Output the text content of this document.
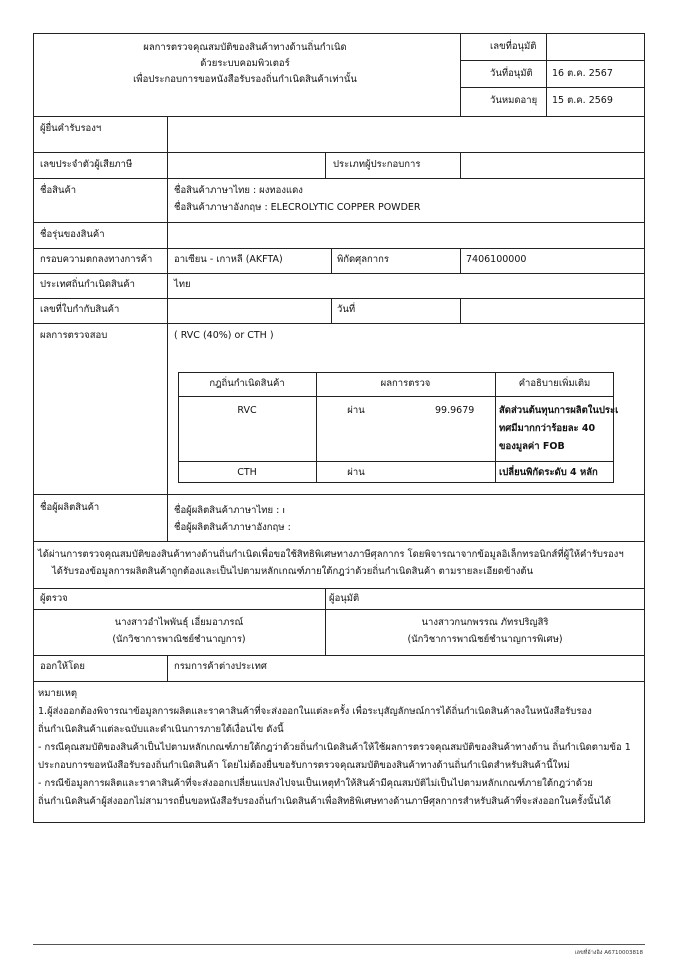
ผลการตรวจคุณสมบัติของสินค้าทางด้านถิ่นกำเนิด
ด้วยระบบคอมพิวเตอร์
เพื่อประกอบการขอหนังสือรับรองถิ่นกำเนิดสินค้าเท่านั้น
เลขที่อนุมัติ
วันที่อนุมัติ 16 ต.ค. 2567
วันหมดอายุ 15 ต.ค. 2569
ผู้ยื่นคำรับรองฯ
เลขประจำตัวผู้เสียภาษี	ประเภทผู้ประกอบการ
ชื่อสินค้า	ชื่อสินค้าภาษาไทย : ผงทองแดง
ชื่อสินค้าภาษาอังกฤษ : ELECROLYTIC COPPER POWDER
ชื่อรุ่นของสินค้า
กรอบความตกลงทางการค้า อาเซียน - เกาหลี (AKFTA)	พิกัดศุลกากร	7406100000
ประเทศถิ่นกำเนิดสินค้า	ไทย
เลขที่ใบกำกับสินค้า	วันที่
ผลการตรวจสอบ	( RVC (40%) or CTH )
กฎถิ่นกำเนิดสินค้า	ผลการตรวจ	คำอธิบายเพิ่มเติม
RVC	ผ่าน	99.9679	สัดส่วนต้นทุนการผลิตในประเ
ทศมีมากกว่าร้อยละ 40
ของมูลค่า FOB
CTH	ผ่าน	เปลี่ยนพิกัดระดับ 4 หลัก
ชื่อผู้ผลิตสินค้า	ชื่อผู้ผลิตสินค้าภาษาไทย : ו
ชื่อผู้ผลิตสินค้าภาษาอังกฤษ :
ได้ผ่านการตรวจคุณสมบัติของสินค้าทางด้านถิ่นกำเนิดเพื่อขอใช้สิทธิพิเศษทางภาษีศุลกากร โดยพิจารณาจากข้อมูลอิเล็กทรอนิกส์ที่ผู้ให้คำรับรองฯ
ได้รับรองข้อมูลการผลิตสินค้าถูกต้องและเป็นไปตามหลักเกณฑ์ภายใต้กฎว่าด้วยถิ่นกำเนิดสินค้า ตามรายละเอียดข้างต้น
ผู้ตรวจ	ผู้อนุมัติ
นางสาวอำไพพันธุ์ เอี่ยมอาภรณ์
(นักวิชาการพาณิชย์ชำนาญการ)
นางสาวกนกพรรณ ภัทรปริญสิริ
(นักวิชาการพาณิชย์ชำนาญการพิเศษ)
ออกให้โดย	กรมการค้าต่างประเทศ
หมายเหตุ
1.ผู้ส่งออกต้องพิจารณาข้อมูลการผลิตและราคาสินค้าที่จะส่งออกในแต่ละครั้ง เพื่อระบุสัญลักษณ์การได้ถิ่นกำเนิดสินค้าลงในหนังสือรับรอง
ถิ่นกำเนิดสินค้าแต่ละฉบับและดำเนินการภายใต้เงื่อนไข ดังนี้
- กรณีคุณสมบัติของสินค้าเป็นไปตามหลักเกณฑ์ภายใต้กฎว่าด้วยถิ่นกำเนิดสินค้าให้ใช้ผลการตรวจคุณสมบัติของสินค้าทางด้าน ถิ่นกำเนิดตามข้อ 1
ประกอบการขอหนังสือรับรองถิ่นกำเนิดสินค้า โดยไม่ต้องยื่นขอรับการตรวจคุณสมบัติของสินค้าทางด้านถิ่นกำเนิดสำหรับสินค้านี้ใหม่
- กรณีข้อมูลการผลิตและราคาสินค้าที่จะส่งออกเปลี่ยนแปลงไปจนเป็นเหตุทำให้สินค้ามีคุณสมบัติไม่เป็นไปตามหลักเกณฑ์ภายใต้กฎว่าด้วย
ถิ่นกำเนิดสินค้าผู้ส่งออกไม่สามารถยื่นขอหนังสือรับรองถิ่นกำเนิดสินค้าเพื่อสิทธิพิเศษทางด้านภาษีศุลกากรสำหรับสินค้าที่จะส่งออกในครั้งนั้นได้
เลขที่อ้างอิง A6710003818
